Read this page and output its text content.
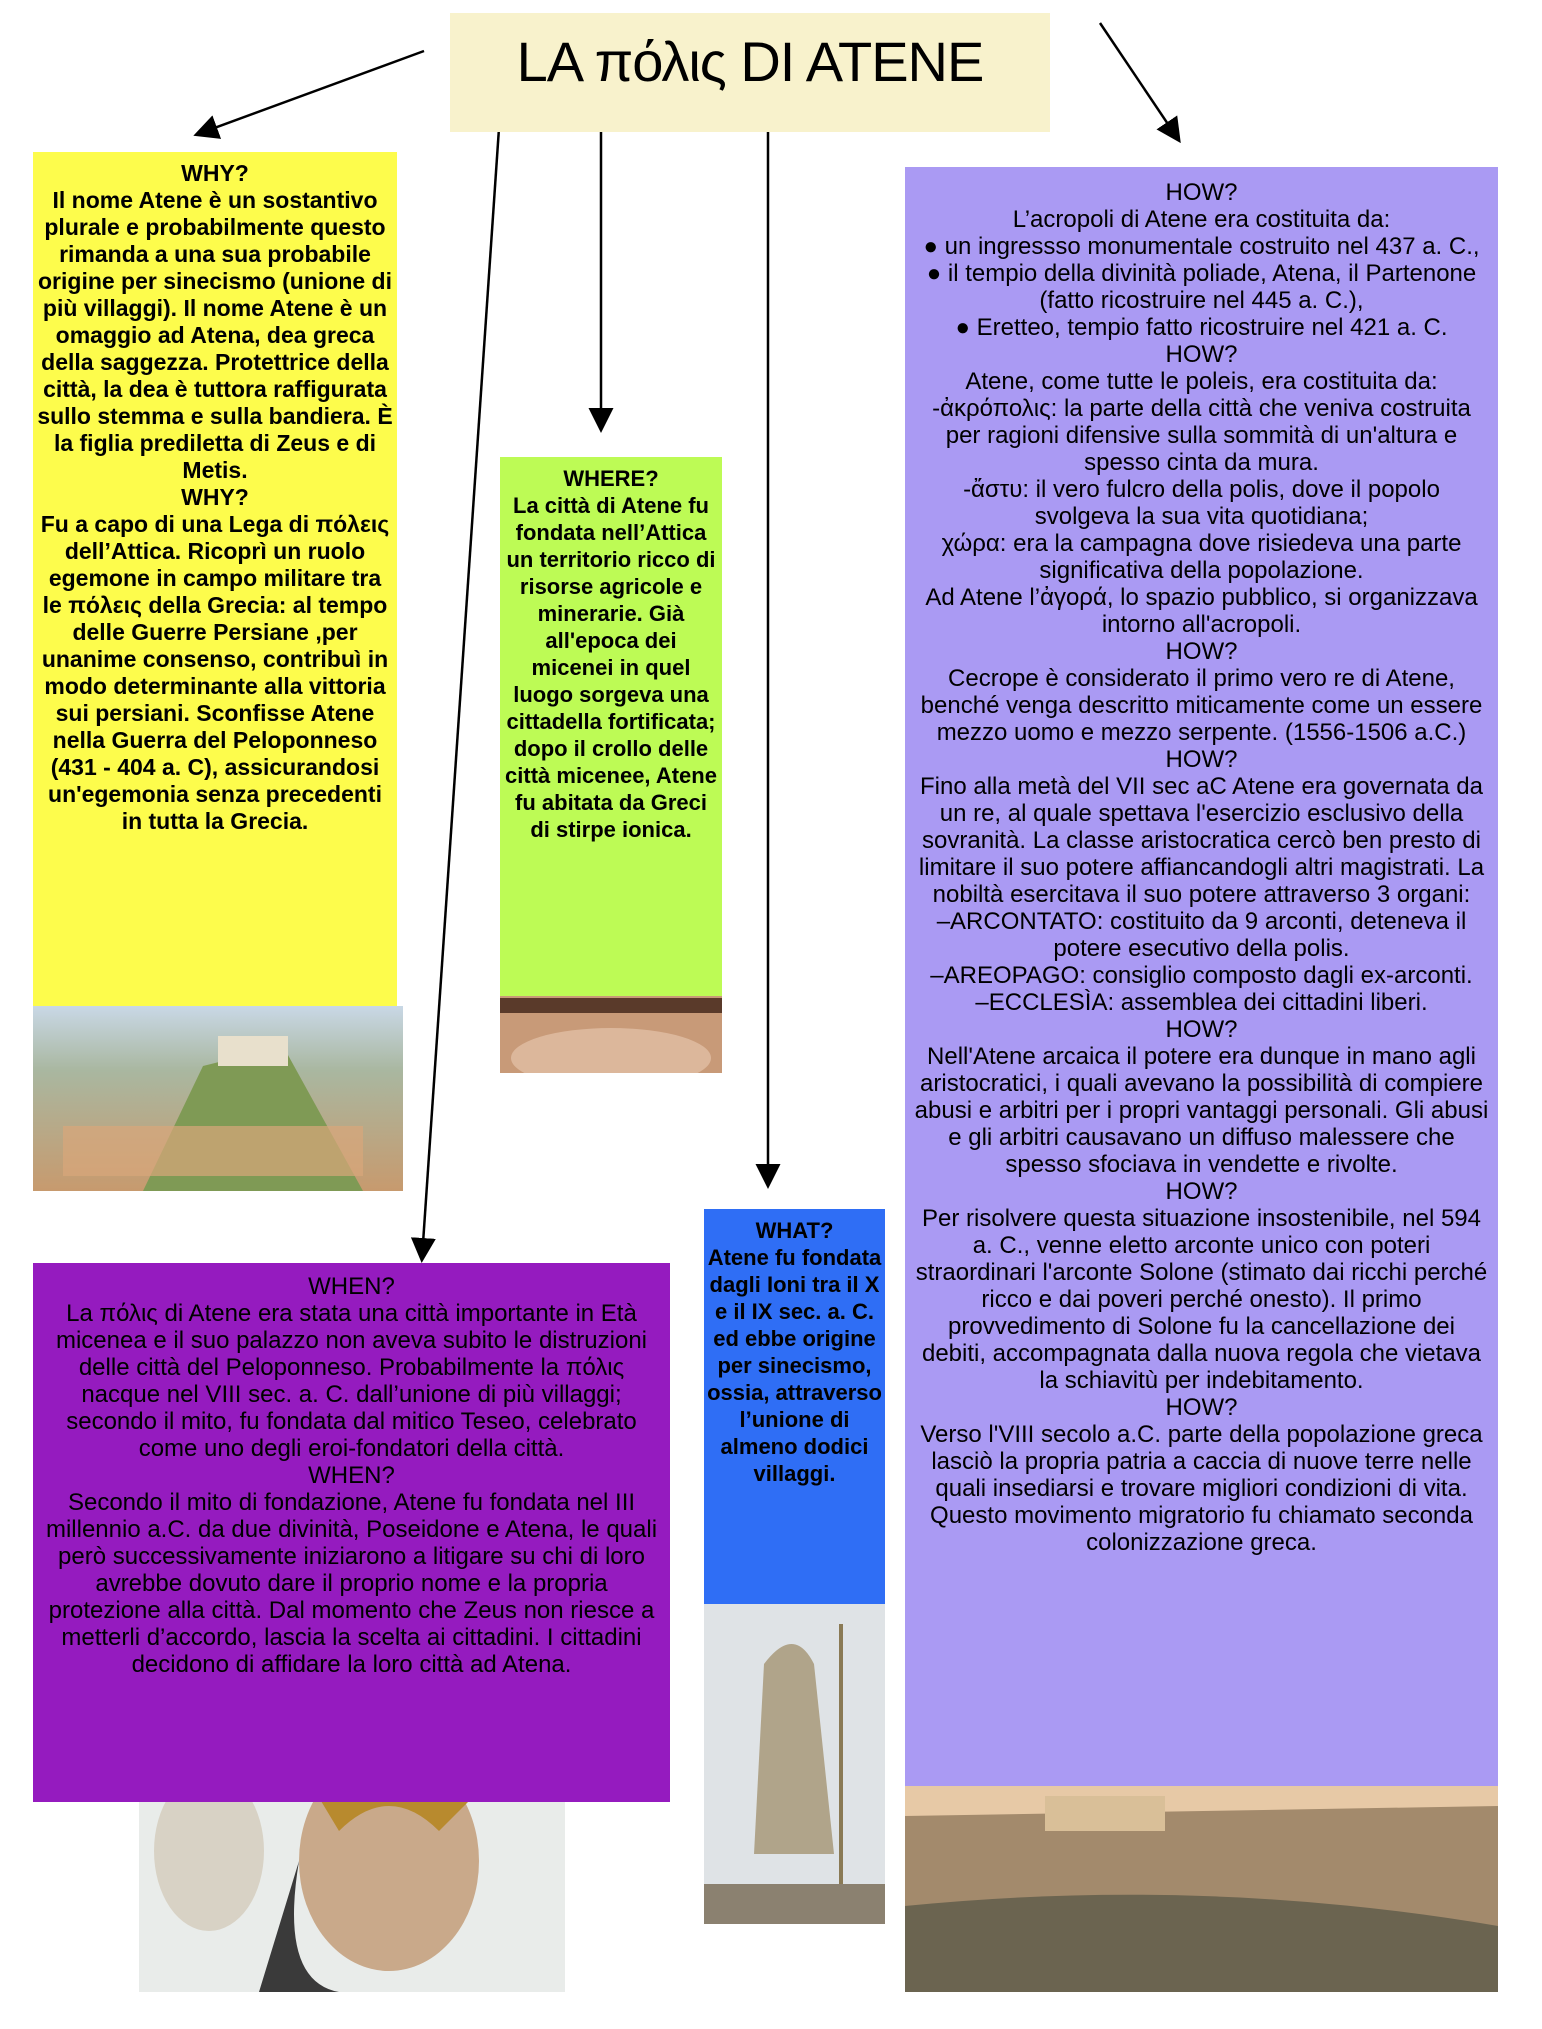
LA πόλις DI ATENE

WHY?

Il nome Atene è un sostantivo plurale e probabilmente questo rimanda a una sua probabile origine per sinecismo (unione di più villaggi). Il nome Atene è un omaggio ad Atena, dea greca della saggezza. Protettrice della città, la dea è tuttora raffigurata sullo stemma e sulla bandiera. È la figlia prediletta di Zeus e di Metis.

WHY?

Fu a capo di una Lega di πόλεις dell’Attica. Ricoprì un ruolo egemone in campo militare tra le πόλεις della Grecia: al tempo delle Guerre Persiane ,per unanime consenso, contribuì in modo determinante alla vittoria sui persiani. Sconfisse Atene nella Guerra del Peloponneso (431 - 404 a. C), assicurandosi un'egemonia senza precedenti in tutta la Grecia.

WHERE?

La città di Atene fu fondata nell’Attica un territorio ricco di risorse agricole e minerarie. Già all'epoca dei micenei in quel luogo sorgeva una cittadella fortificata; dopo il crollo delle città micenee, Atene fu abitata da Greci di stirpe ionica.

WHEN?

La πόλις di Atene era stata una città importante in Età micenea e il suo palazzo non aveva subito le distruzioni delle città del Peloponneso. Probabilmente la πόλις nacque nel VIII sec. a. C. dall’unione di più villaggi; secondo il mito, fu fondata dal mitico Teseo, celebrato come uno degli eroi-fondatori della città.

WHEN?

Secondo il mito di fondazione, Atene fu fondata nel III millennio a.C. da due divinità, Poseidone e Atena, le quali però successivamente iniziarono a litigare su chi di loro avrebbe dovuto dare il proprio nome e la propria protezione alla città. Dal momento che Zeus non riesce a metterli d’accordo, lascia la scelta ai cittadini. I cittadini decidono di affidare la loro città ad Atena.

WHAT?

Atene fu fondata dagli Ioni tra il X e il IX sec. a. C. ed ebbe origine per sinecismo, ossia, attraverso l’unione di almeno dodici villaggi.

HOW?

L’acropoli di Atene era costituita da:

● un ingressso monumentale costruito nel 437 a. C.,

● il tempio della divinità poliade, Atena, il Partenone (fatto ricostruire nel 445 a. C.),

● Eretteo, tempio fatto ricostruire nel 421 a. C.

HOW?

Atene, come tutte le poleis, era costituita da:

-ἀκρόπολις: la parte della città che veniva costruita per ragioni difensive sulla sommità di un'altura e spesso cinta da mura.

-ἄστυ: il vero fulcro della polis, dove il popolo svolgeva la sua vita quotidiana;

χώρα: era la campagna dove risiedeva una parte significativa della popolazione.

Ad Atene l’ἀγορά, lo spazio pubblico, si organizzava intorno all'acropoli.

HOW?

Cecrope è considerato il primo vero re di Atene, benché venga descritto miticamente come un essere mezzo uomo e mezzo serpente. (1556-1506 a.C.)

HOW?

Fino alla metà del VII sec aC Atene era governata da un re, al quale spettava l'esercizio esclusivo della sovranità. La classe aristocratica cercò ben presto di limitare il suo potere affiancandogli altri magistrati. La nobiltà esercitava il suo potere attraverso 3 organi:

–ARCONTATO: costituito da 9 arconti, deteneva il potere esecutivo della polis.

–AREOPAGO: consiglio composto dagli ex-arconti.

–ECCLESÌA: assemblea dei cittadini liberi.

HOW?

Nell'Atene arcaica il potere era dunque in mano agli aristocratici, i quali avevano la possibilità di compiere abusi e arbitri per i propri vantaggi personali. Gli abusi e gli arbitri causavano un diffuso malessere che spesso sfociava in vendette e rivolte.

HOW?

Per risolvere questa situazione insostenibile, nel 594 a. C., venne eletto arconte unico con poteri straordinari l'arconte Solone (stimato dai ricchi perché ricco e dai poveri perché onesto). Il primo provvedimento di Solone fu la cancellazione dei debiti, accompagnata dalla nuova regola che vietava la schiavitù per indebitamento.

HOW?

Verso l'VIII secolo a.C. parte della popolazione greca lasciò la propria patria a caccia di nuove terre nelle quali insediarsi e trovare migliori condizioni di vita. Questo movimento migratorio fu chiamato seconda colonizzazione greca.
